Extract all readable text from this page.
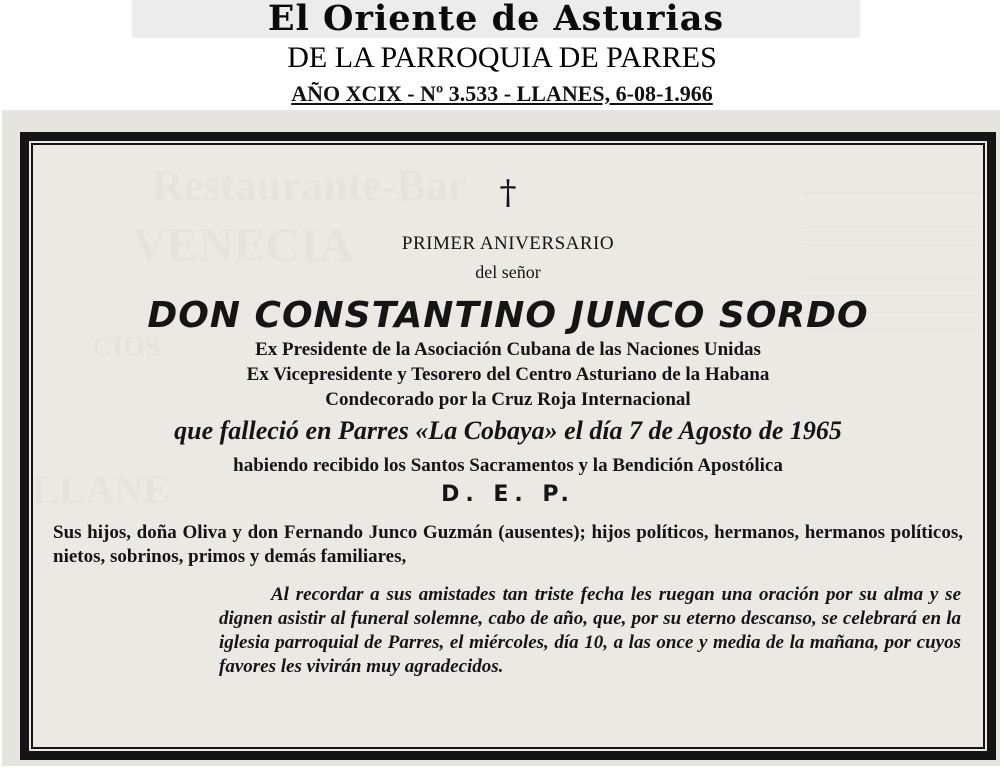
El Oriente de Asturias
DE LA PARROQUIA DE PARRES
AÑO XCIX - Nº 3.533 - LLANES, 6-08-1.966
†
PRIMER ANIVERSARIO
del señor
DON CONSTANTINO JUNCO SORDO
Ex Presidente de la Asociación Cubana de las Naciones Unidas
Ex Vicepresidente y Tesorero del Centro Asturiano de la Habana
Condecorado por la Cruz Roja Internacional
que falleció en Parres «La Cobaya» el día 7 de Agosto de 1965
habiendo recibido los Santos Sacramentos y la Bendición Apostólica
D. E. P.
Sus hijos, doña Oliva y don Fernando Junco Guzmán (ausentes); hijos políticos, hermanos, hermanos políticos, nietos, sobrinos, primos y demás familiares,
Al recordar a sus amistades tan triste fecha les ruegan una oración por su alma y se dignen asistir al funeral solemne, cabo de año, que, por su eterno descanso, se celebrará en la iglesia parroquial de Parres, el miércoles, día 10, a las once y media de la mañana, por cuyos favores les vivirán muy agradecidos.
